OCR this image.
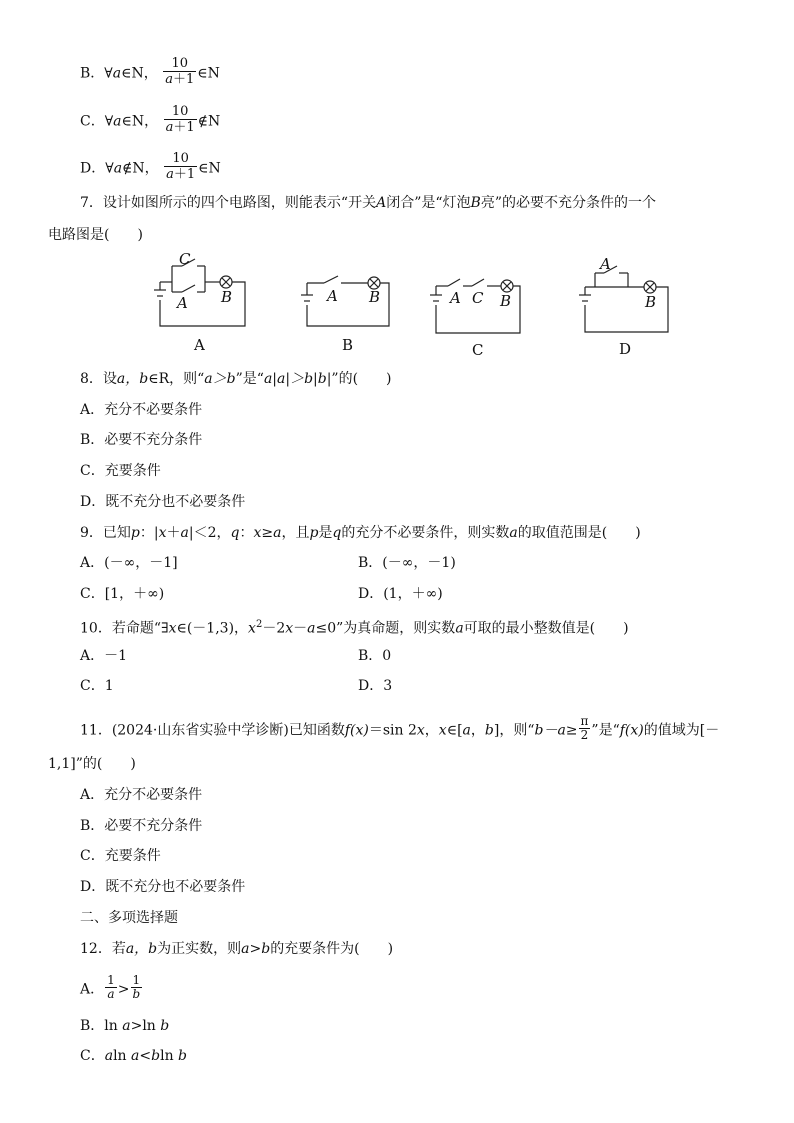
B．∀a∈N， $\frac{10}{a+1}$ ∈N
C．∀a∈N， $\frac{10}{a+1}$ ∉N
D．∀a∉N， $\frac{10}{a+1}$ ∈N
7．设计如图所示的四个电路图，则能表示“开关A闭合”是“灯泡B亮”的必要不充分条件的一个
电路图是(　　)
C
A B
A
A B
B
A C B
C
A
B
D
8．设a，b∈R，则“a＞b”是“a|a|＞b|b|”的(　　)
A．充分不必要条件
B．必要不充分条件
C．充要条件
D．既不充分也不必要条件
9．已知p：|x＋a|＜2，q：x≥a，且p是q的充分不必要条件，则实数a的取值范围是(　　)
A．(－∞，－1]	B．(－∞，－1)
C．[1，＋∞)	D．(1，＋∞)
10．若命题“∃x∈(－1,3)，$x^2-2x-a\le 0$”为真命题，则实数a可取的最小整数值是(　　)
A．－1	B．0
C．1	D．3
11．(2024·山东省实验中学诊断)已知函数f(x)＝sin 2x，x∈[a，b]，则“$b-a\ge \frac{\pi}{2}$ ”是“f(x)的值域为[－
1,1]”的(　　)
A．充分不必要条件
B．必要不充分条件
C．充要条件
D．既不充分也不必要条件
二、多项选择题
12．若a，b为正实数，则a>b的充要条件为(　　)
A． $\frac{1}{a} > \frac{1}{b}$
B．ln a>ln b
C．aln a<bln b
